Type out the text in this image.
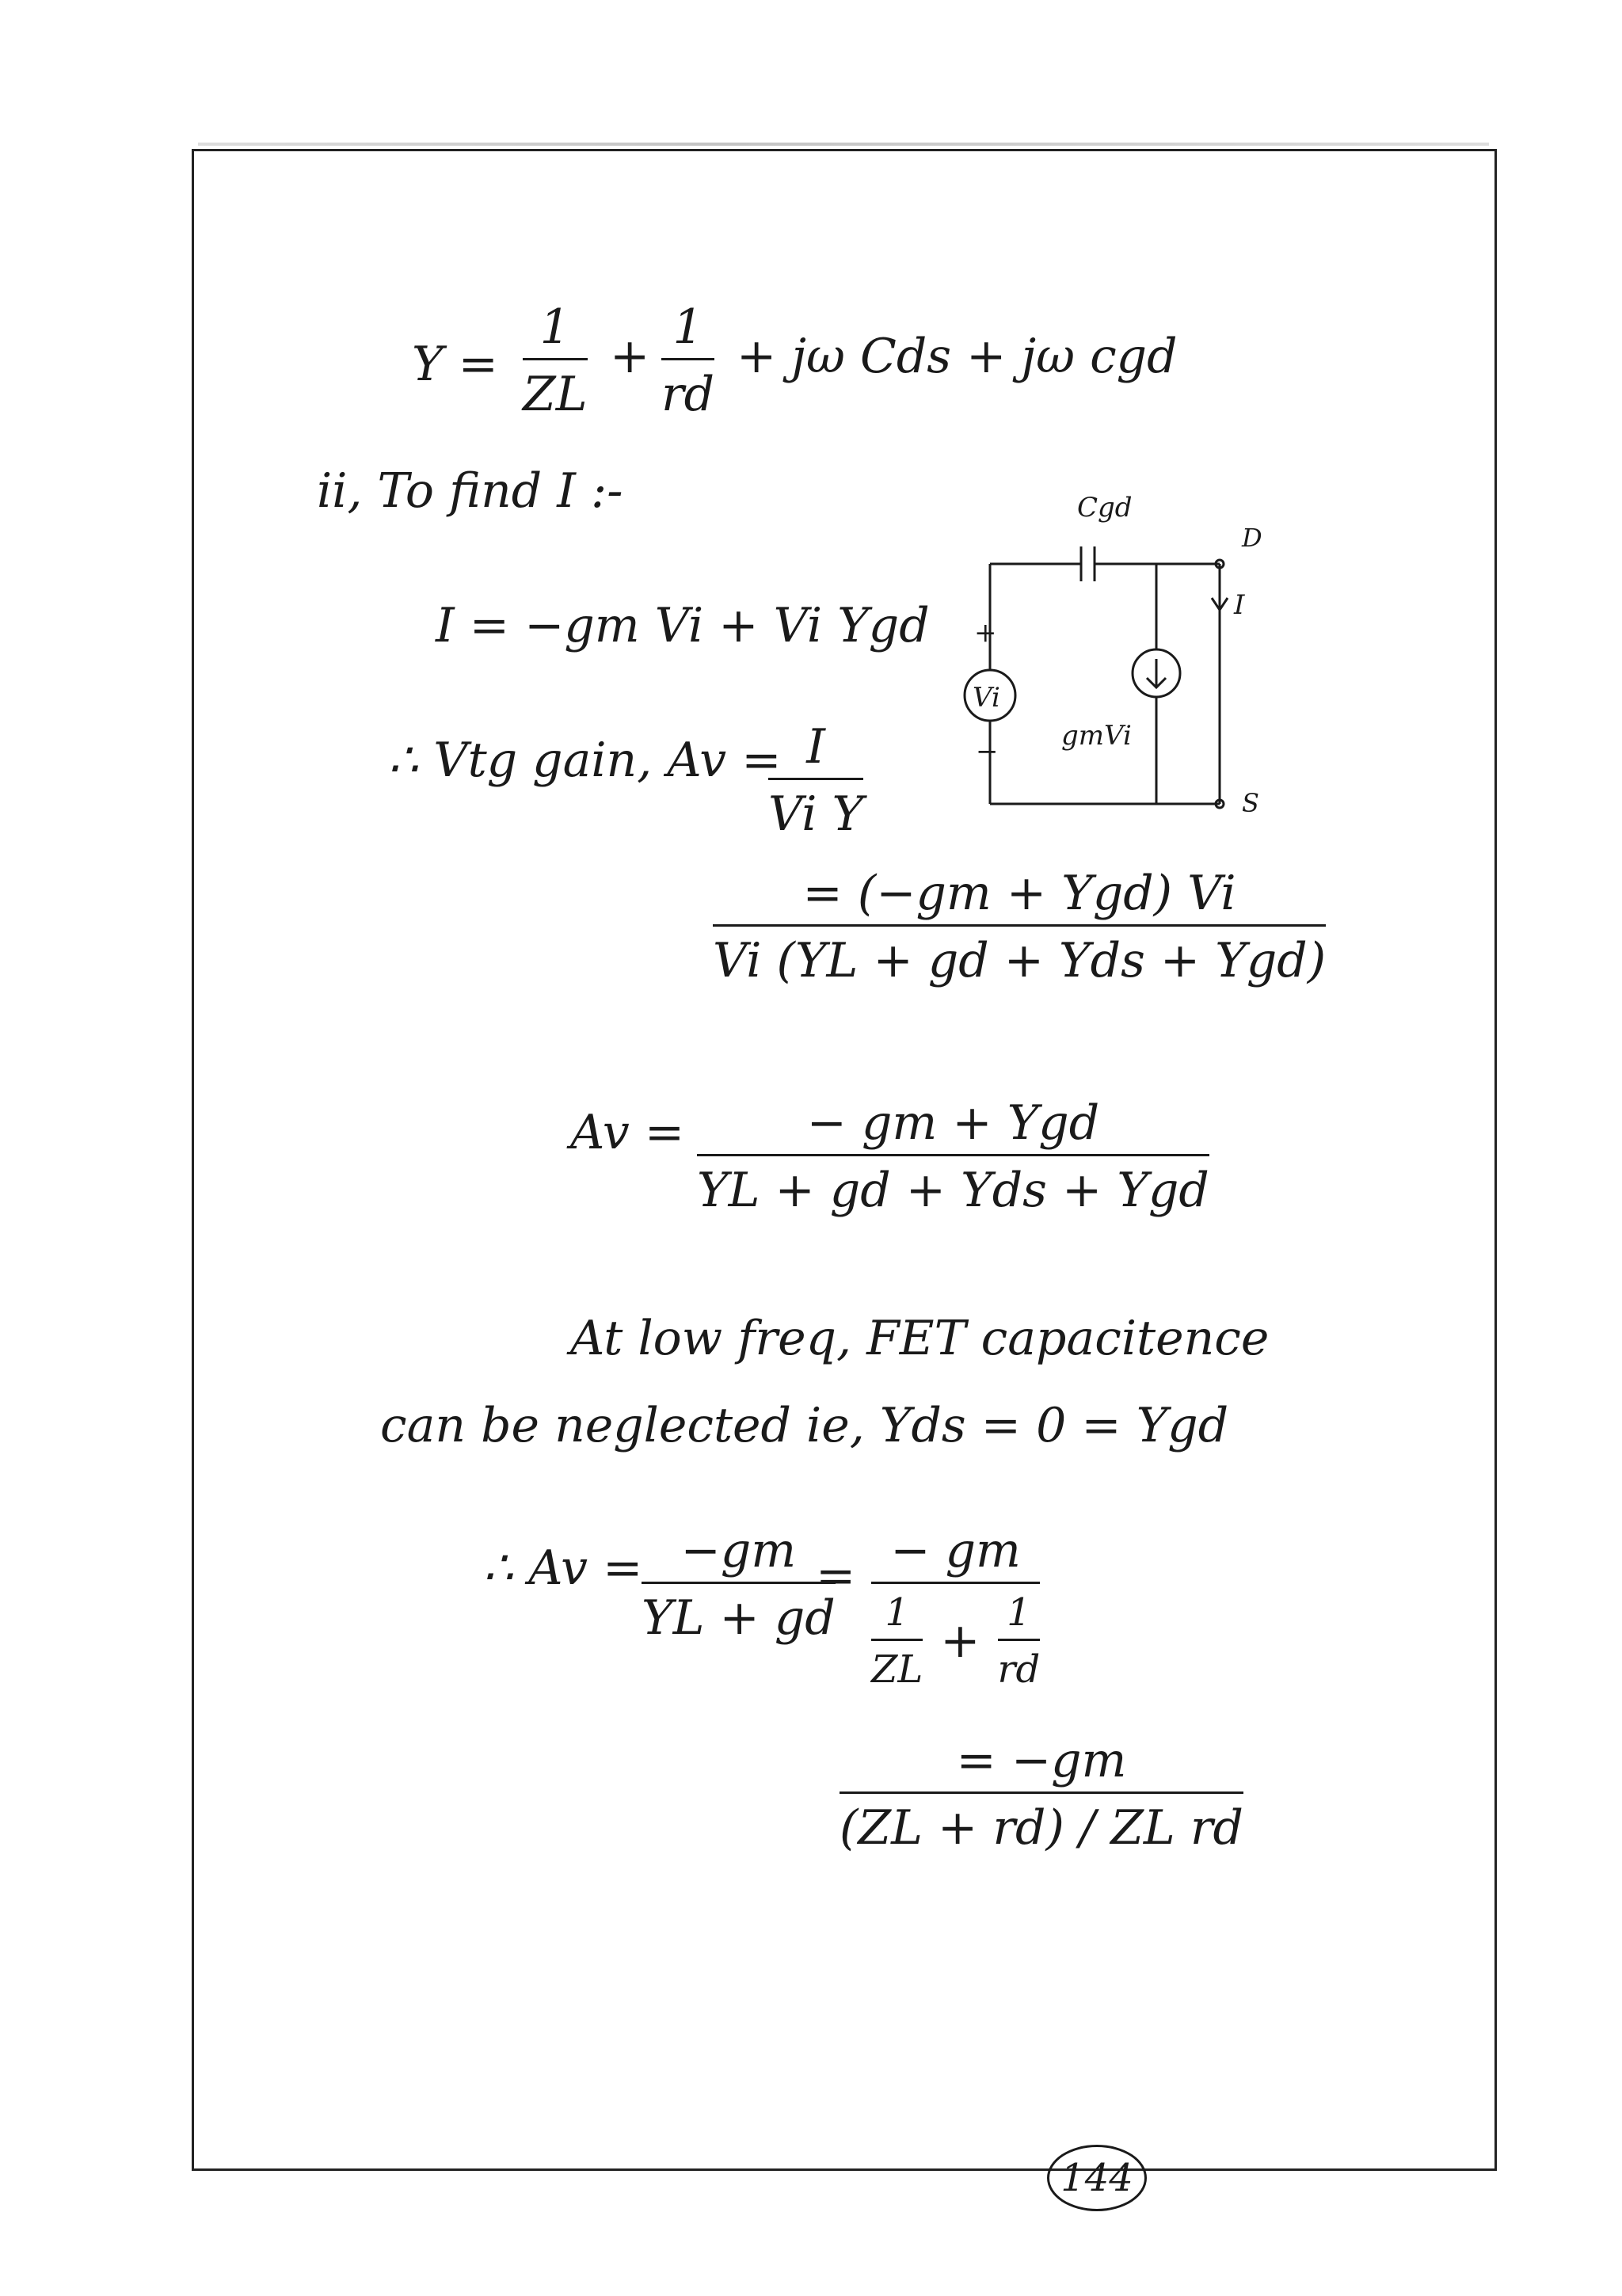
Y =
1
ZL
+
1
rd
+ jω Cds + jω cgd
ii, To find I :-
I = −gm Vi + Vi Ygd
∴ Vtg gain, Av = I
Vi Y
= (−gm + Ygd) Vi
Vi (YL + gd + Yds + Ygd)
Av =	− gm + Ygd
YL + gd + Yds + Ygd
At low freq, FET capacitence
can be neglected ie, Yds = 0 = Ygd
∴ Av = −gm
YL + gd
= − gm
$\frac{1}{ZL} + \frac{1}{rd}$
= −gm
(ZL + rd) / ZL rd
Cgd
D
Vi
+
− gmVi
I
S
144
